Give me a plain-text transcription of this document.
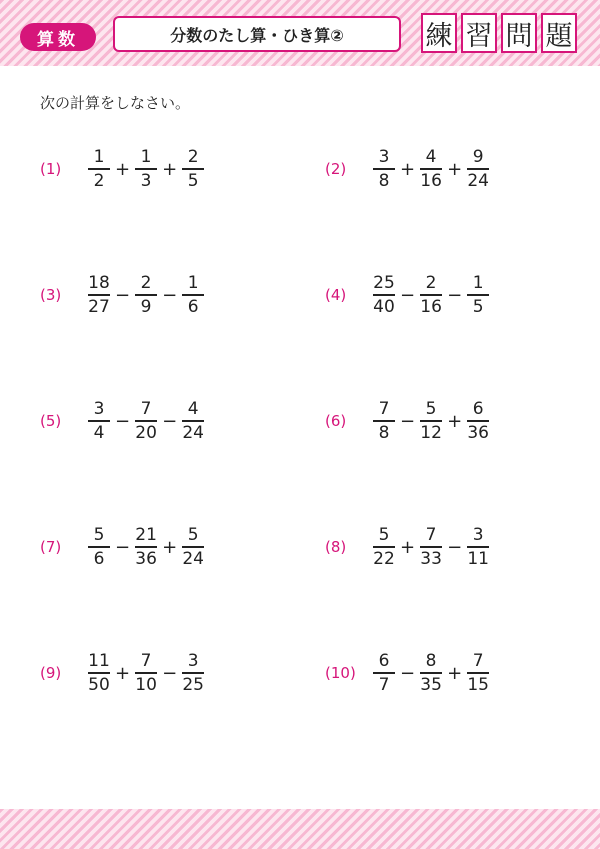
算数	分数のたし算・ひき算②	練 習 問 題
次の計算をしなさい。
(1)	$\frac{1}{2} + \frac{1}{3} + \frac{2}{5}$	(2)	$\frac{3}{8} + \frac{4}{16} + \frac{9}{24}$
(3)	$\frac{18}{27} - \frac{2}{9} - \frac{1}{6}$	(4)	$\frac{25}{40} - \frac{2}{16} - \frac{1}{5}$
(5)	$\frac{3}{4} - \frac{7}{20} - \frac{4}{24}$	(6)	$\frac{7}{8} - \frac{5}{12} + \frac{6}{36}$
(7)	$\frac{5}{6} - \frac{21}{36} + \frac{5}{24}$	(8)	$\frac{5}{22} + \frac{7}{33} - \frac{3}{11}$
(9)	$\frac{11}{50} + \frac{7}{10} - \frac{3}{25}$	$(10) \frac{6}{7} - \frac{8}{35} + \frac{7}{15}$
